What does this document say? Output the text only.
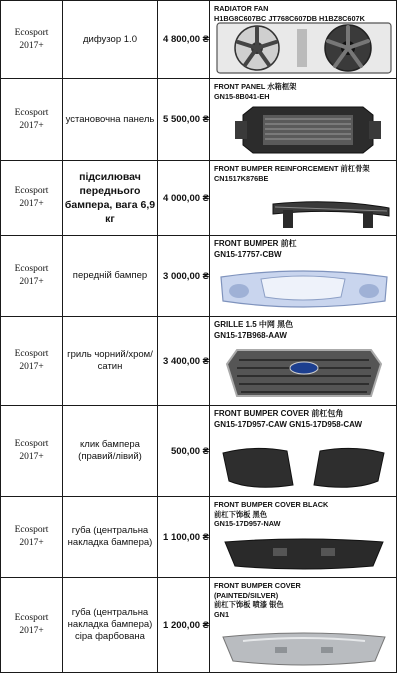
Ecosport
2017+	дифузор 1.0	4 800,00 ₴	RADIATOR FAN
H1BG8C607BC JT768C607DB H1BZ8C607K

Ecosport
2017+	установочна панель	5 500,00 ₴	FRONT PANEL 水箱框架
GN15-8B041-EH

Ecosport
2017+	підсилювач переднього бампера, вага 6,9 кг	4 000,00 ₴	FRONT BUMPER REINFORCEMENT 前杠骨架
CN1517K876BE

Ecosport
2017+	передній бампер	3 000,00 ₴	FRONT BUMPER 前杠
GN15-17757-CBW

Ecosport
2017+	гриль чорний/хром/сатин	3 400,00 ₴	GRILLE 1.5 中网 黑色
GN15-17B968-AAW

Ecosport
2017+	клик бампера (правий/лівий)	500,00 ₴	FRONT BUMPER COVER 前杠包角
GN15-17D957-CAW GN15-17D958-CAW

Ecosport
2017+	губа (центральна накладка бампера)	1 100,00 ₴	FRONT BUMPER COVER BLACK
前杠下饰板 黑色
GN15-17D957-NAW

Ecosport
2017+	губа (центральна накладка бампера) сіра фарбована	1 200,00 ₴	FRONT BUMPER COVER
(PAINTED/SILVER)
前杠下饰板 喷漆 银色
GN1
